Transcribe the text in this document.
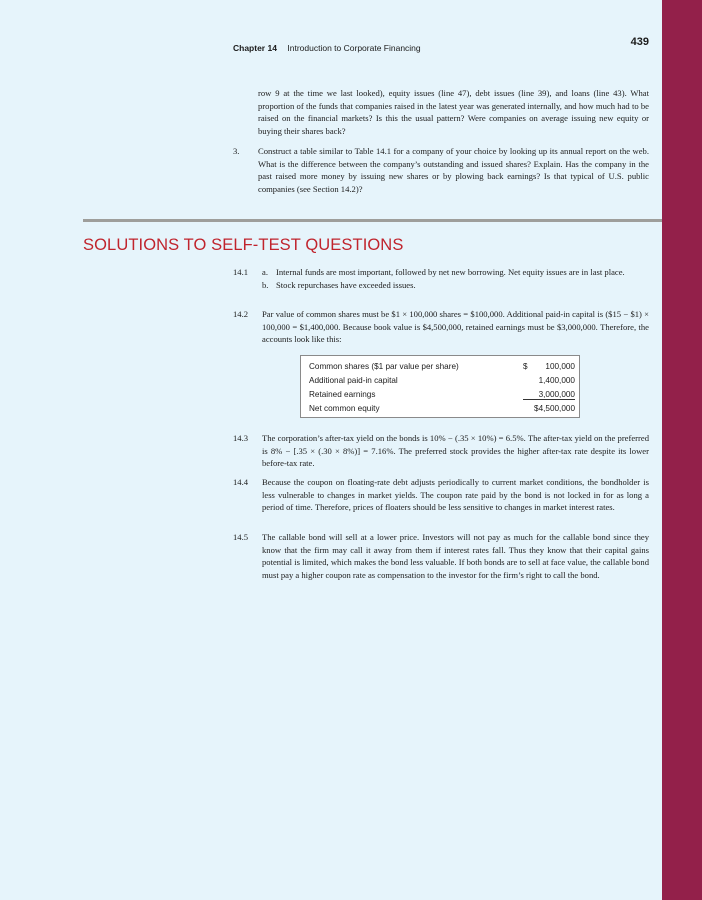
Chapter 14 Introduction to Corporate Financing	439
row 9 at the time we last looked), equity issues (line 47), debt issues (line 39), and loans (line 43). What proportion of the funds that companies raised in the latest year was generated internally, and how much had to be raised on the financial markets? Is this the usual pattern? Were companies on average issuing new equity or buying their shares back?
3.	Construct a table similar to Table 14.1 for a company of your choice by looking up its annual report on the web. What is the difference between the company’s outstanding and issued shares? Explain. Has the company in the past raised more money by issuing new shares or by plowing back earnings? Is that typical of U.S. public companies (see Section 14.2)?
SOLUTIONS TO SELF-TEST QUESTIONS
14.1	a. Internal funds are most important, followed by net new borrowing. Net equity issues are in last place.
b. Stock repurchases have exceeded issues.
14.2	Par value of common shares must be $1 × 100,000 shares = $100,000. Additional paid-in capital is ($15 − $1) × 100,000 = $1,400,000. Because book value is $4,500,000, retained earnings must be $3,000,000. Therefore, the accounts look like this:
Common shares ($1 par value per share)	$ 100,000
Additional paid-in capital	1,400,000
Retained earnings	3,000,000
Net common equity	$4,500,000
14.3	The corporation’s after-tax yield on the bonds is 10% − (.35 × 10%) = 6.5%. The after-tax yield on the preferred is 8% − [.35 × (.30 × 8%)] = 7.16%. The preferred stock provides the higher after-tax rate despite its lower before-tax rate.
14.4	Because the coupon on floating-rate debt adjusts periodically to current market conditions, the bondholder is less vulnerable to changes in market yields. The coupon rate paid by the bond is not locked in for as long a period of time. Therefore, prices of floaters should be less sensitive to changes in market interest rates.
14.5	The callable bond will sell at a lower price. Investors will not pay as much for the callable bond since they know that the firm may call it away from them if interest rates fall. Thus they know that their capital gains potential is limited, which makes the bond less valuable. If both bonds are to sell at face value, the callable bond must pay a higher coupon rate as compensation to the investor for the firm’s right to call the bond.
